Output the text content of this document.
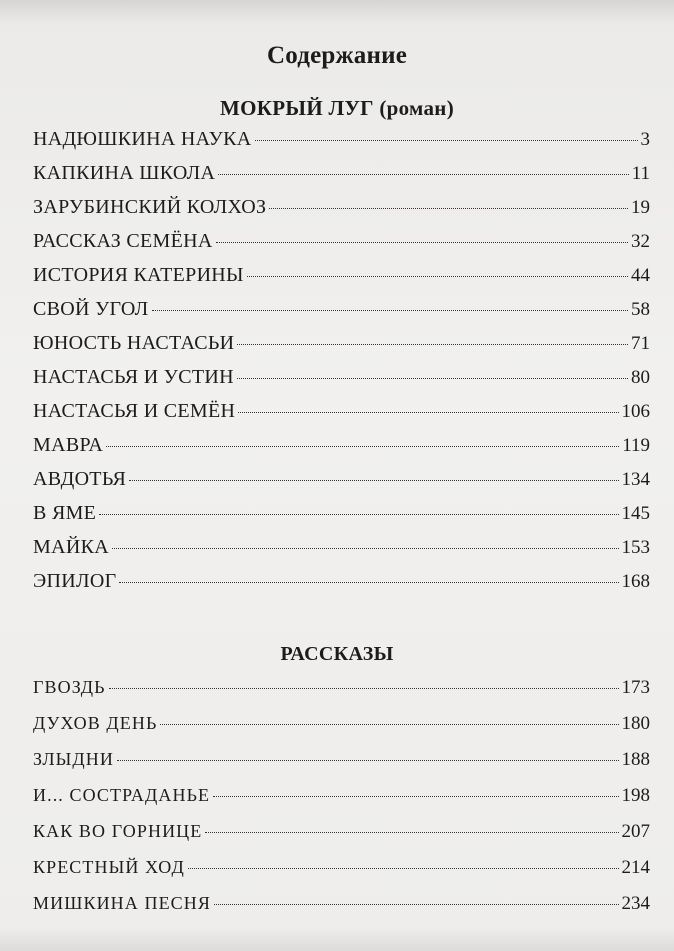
Содержание
МОКРЫЙ ЛУГ (роман)
НАДЮШКИНА НАУКА	3
КАПКИНА ШКОЛА	11
ЗАРУБИНСКИЙ КОЛХОЗ	19
РАССКАЗ СЕМЁНА	32
ИСТОРИЯ КАТЕРИНЫ	44
СВОЙ УГОЛ	58
ЮНОСТЬ НАСТАСЬИ	71
НАСТАСЬЯ И УСТИН	80
НАСТАСЬЯ И СЕМЁН	106
МАВРА	119
АВДОТЬЯ	134
В ЯМЕ	145
МАЙКА	153
ЭПИЛОГ	168
РАССКАЗЫ
ГВОЗДЬ	173
ДУХОВ ДЕНЬ	180
ЗЛЫДНИ	188
И... СОСТРАДАНЬЕ	198
КАК ВО ГОРНИЦЕ	207
КРЕСТНЫЙ ХОД	214
МИШКИНА ПЕСНЯ	234
